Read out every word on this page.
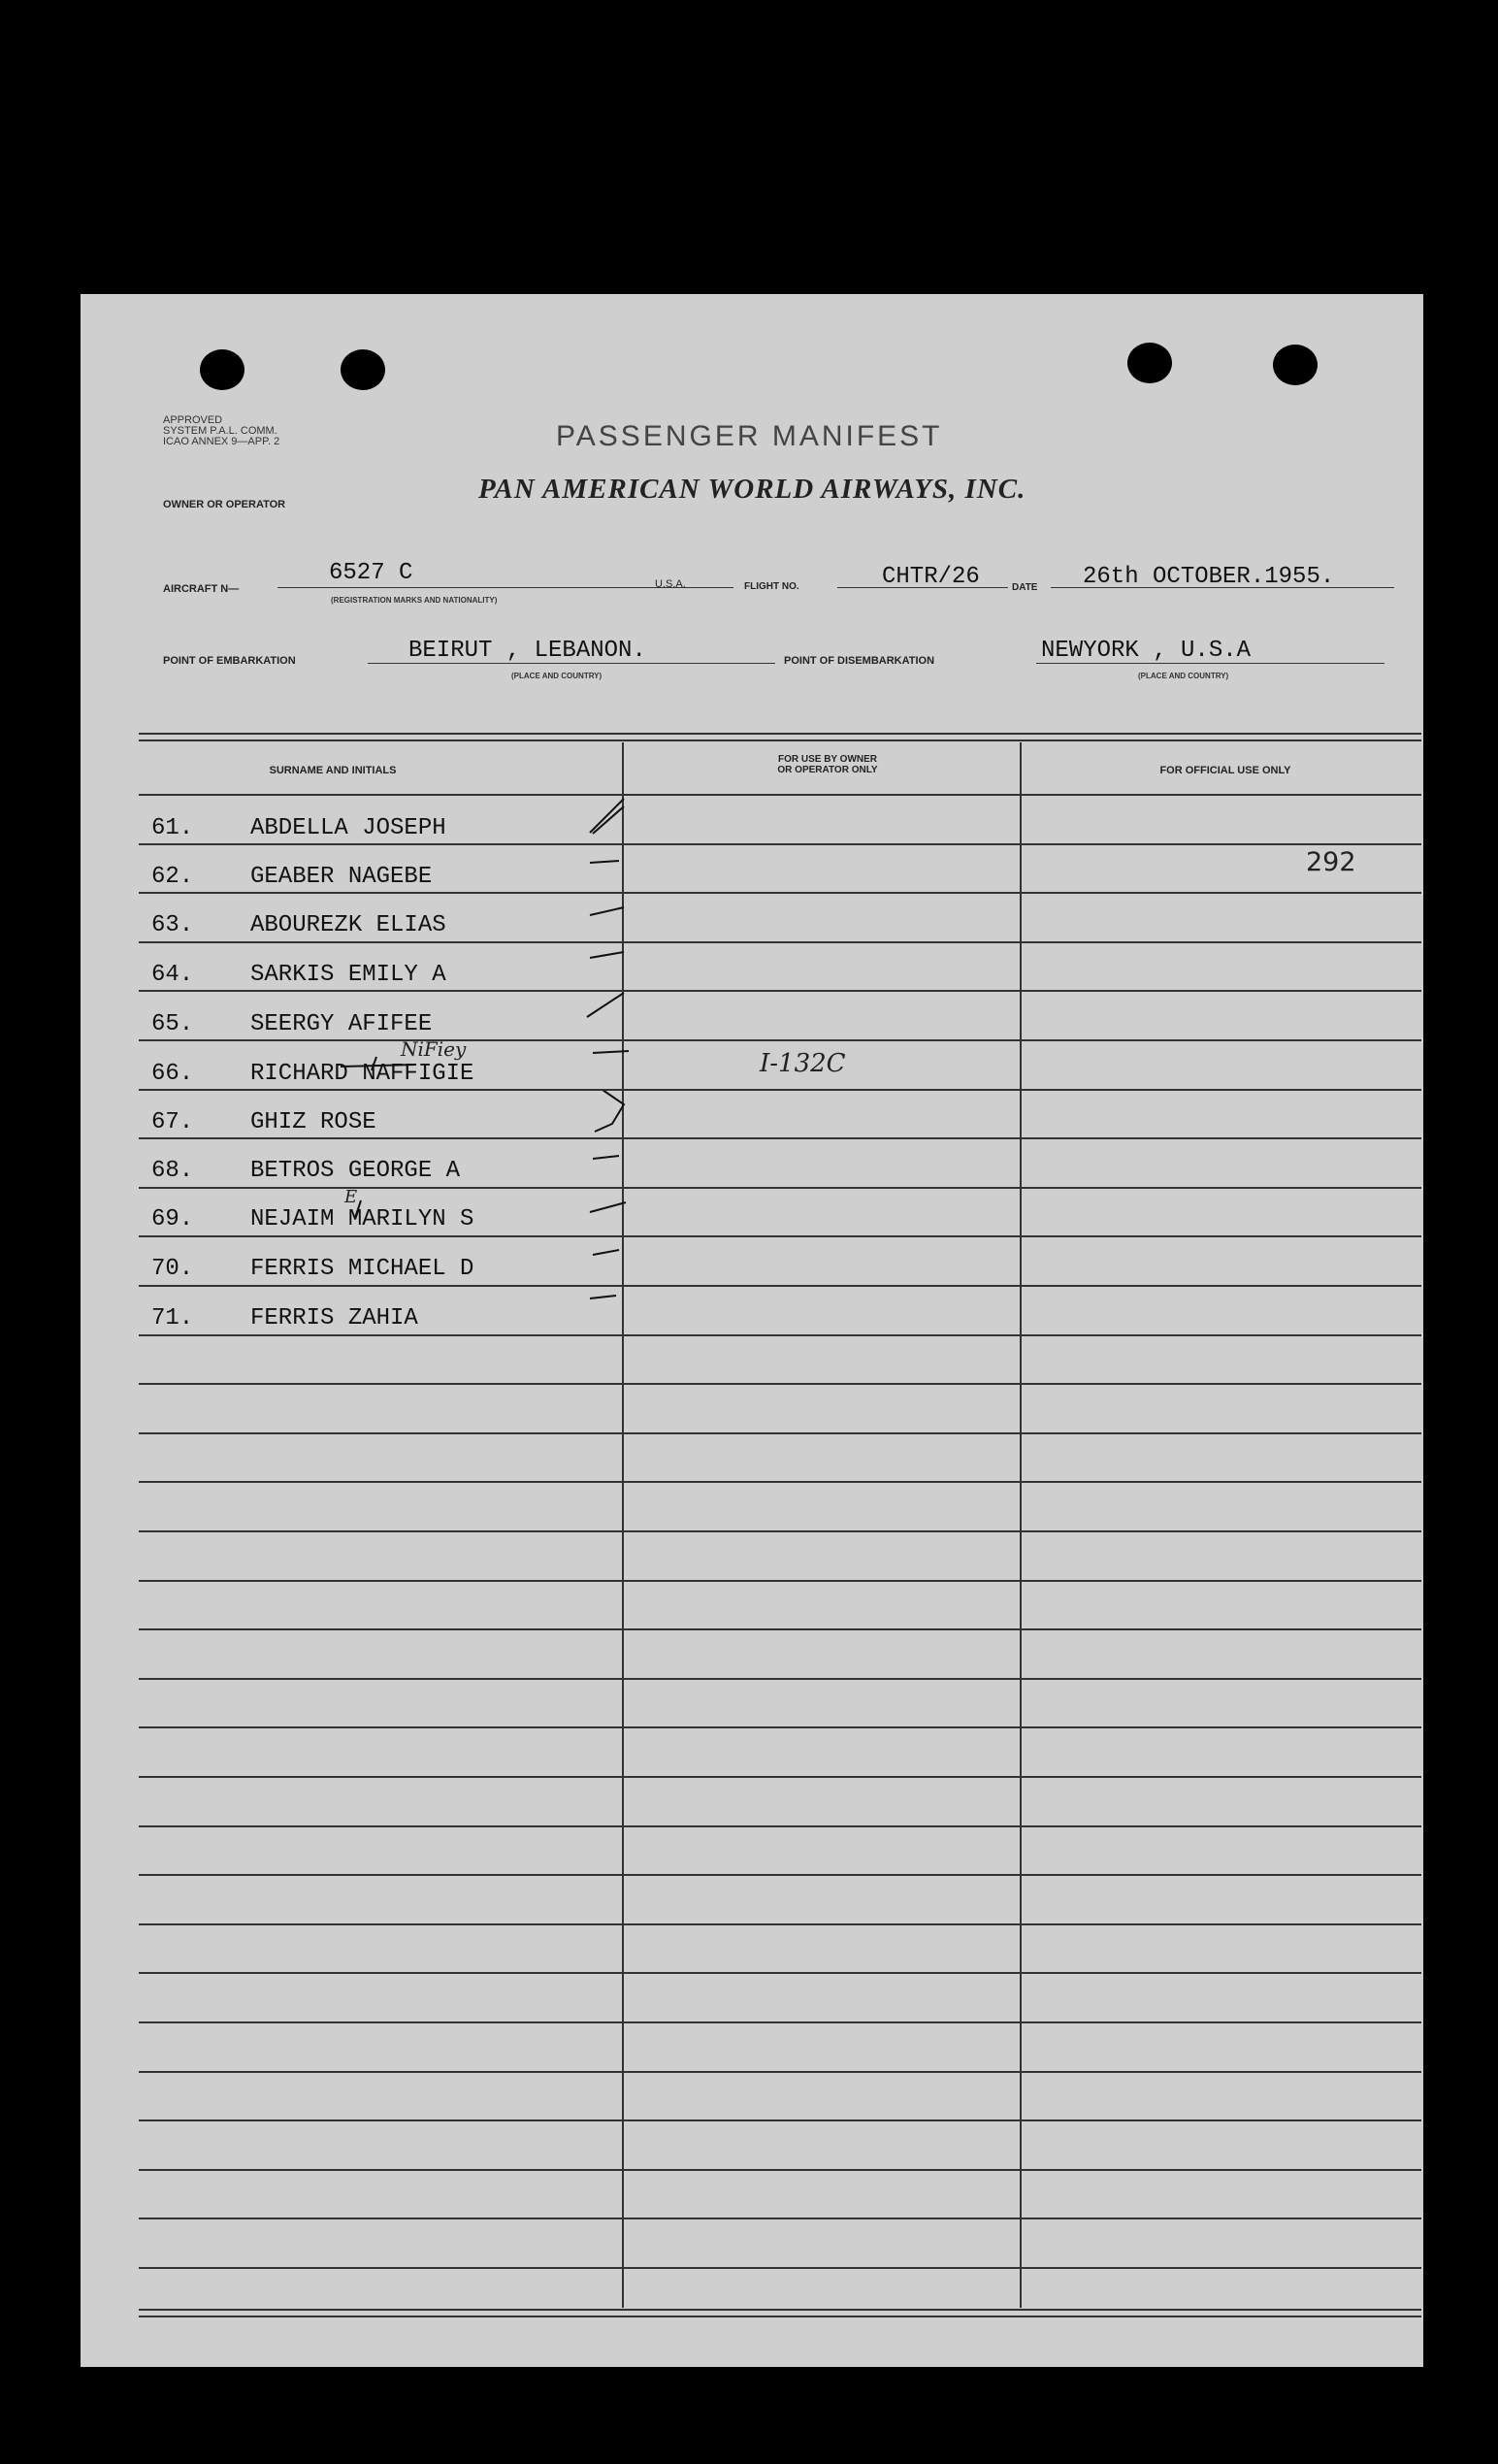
APPROVED
SYSTEM P.A.L. COMM.
ICAO ANNEX 9—APP. 2	PASSENGER MANIFEST
OWNER OR OPERATOR	PAN AMERICAN WORLD AIRWAYS, INC.
AIRCRAFT N—
6527 C
(REGISTRATION MARKS AND NATIONALITY)
U.S.A.	FLIGHT NO.	CHTR/26	DATE 26th OCTOBER.1955.
POINT OF EMBARKATION	BEIRUT , LEBANON.
(PLACE AND COUNTRY)
POINT OF DISEMBARKATION	NEWYORK , U.S.A
(PLACE AND COUNTRY)
SURNAME AND INITIALS
FOR USE BY OWNER
OR OPERATOR ONLY	FOR OFFICIAL USE ONLY
292
I-132C
61. ABDELLA JOSEPH
62. GEABER NAGEBE
63. ABOUREZK ELIAS
64. SARKIS EMILY A
65. SEERGY AFIFEE
66. RICHARD NAFFIGIE
NiFiey
67. GHIZ ROSE
68. BETROS GEORGE A
69. NEJAIM MARILYN S
E
70. FERRIS MICHAEL D
71. FERRIS ZAHIA
